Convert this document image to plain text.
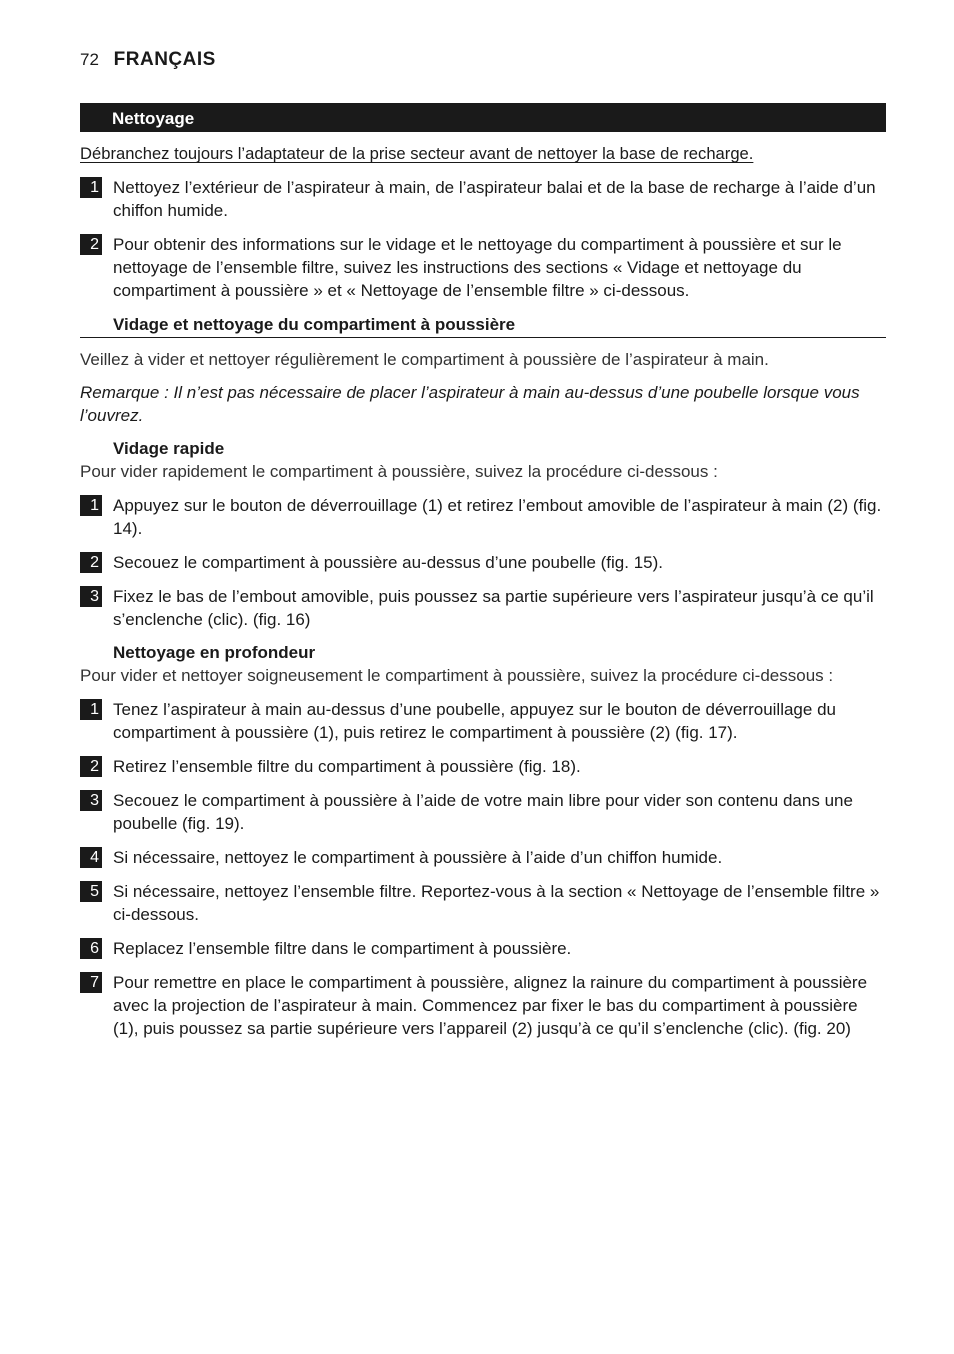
72 FRANÇAIS
Nettoyage
Débranchez toujours l’adaptateur de la prise secteur avant de nettoyer la base de recharge.
1 Nettoyez l’extérieur de l’aspirateur à main, de l’aspirateur balai et de la base de recharge à l’aide d’un chiffon humide.
2 Pour obtenir des informations sur le vidage et le nettoyage du compartiment à poussière et sur le nettoyage de l’ensemble filtre, suivez les instructions des sections « Vidage et nettoyage du compartiment à poussière » et « Nettoyage de l’ensemble filtre » ci-dessous.
Vidage et nettoyage du compartiment à poussière
Veillez à vider et nettoyer régulièrement le compartiment à poussière de l’aspirateur à main.
Remarque : Il n’est pas nécessaire de placer l’aspirateur à main au-dessus d’une poubelle lorsque vous l’ouvrez.
Vidage rapide
Pour vider rapidement le compartiment à poussière, suivez la procédure ci-dessous :
1 Appuyez sur le bouton de déverrouillage (1) et retirez l’embout amovible de l’aspirateur à main (2) (fig. 14).
2 Secouez le compartiment à poussière au-dessus d’une poubelle (fig. 15).
3 Fixez le bas de l’embout amovible, puis poussez sa partie supérieure vers l’aspirateur jusqu’à ce qu’il s’enclenche (clic). (fig. 16)
Nettoyage en profondeur
Pour vider et nettoyer soigneusement le compartiment à poussière, suivez la procédure ci-dessous :
1 Tenez l’aspirateur à main au-dessus d’une poubelle, appuyez sur le bouton de déverrouillage du compartiment à poussière (1), puis retirez le compartiment à poussière (2) (fig. 17).
2 Retirez l’ensemble filtre du compartiment à poussière (fig. 18).
3 Secouez le compartiment à poussière à l’aide de votre main libre pour vider son contenu dans une poubelle (fig. 19).
4 Si nécessaire, nettoyez le compartiment à poussière à l’aide d’un chiffon humide.
5 Si nécessaire, nettoyez l’ensemble filtre. Reportez-vous à la section « Nettoyage de l’ensemble filtre » ci-dessous.
6 Replacez l’ensemble filtre dans le compartiment à poussière.
7 Pour remettre en place le compartiment à poussière, alignez la rainure du compartiment à poussière avec la projection de l’aspirateur à main. Commencez par fixer le bas du compartiment à poussière (1), puis poussez sa partie supérieure vers l’appareil (2) jusqu’à ce qu’il s’enclenche (clic). (fig. 20)
